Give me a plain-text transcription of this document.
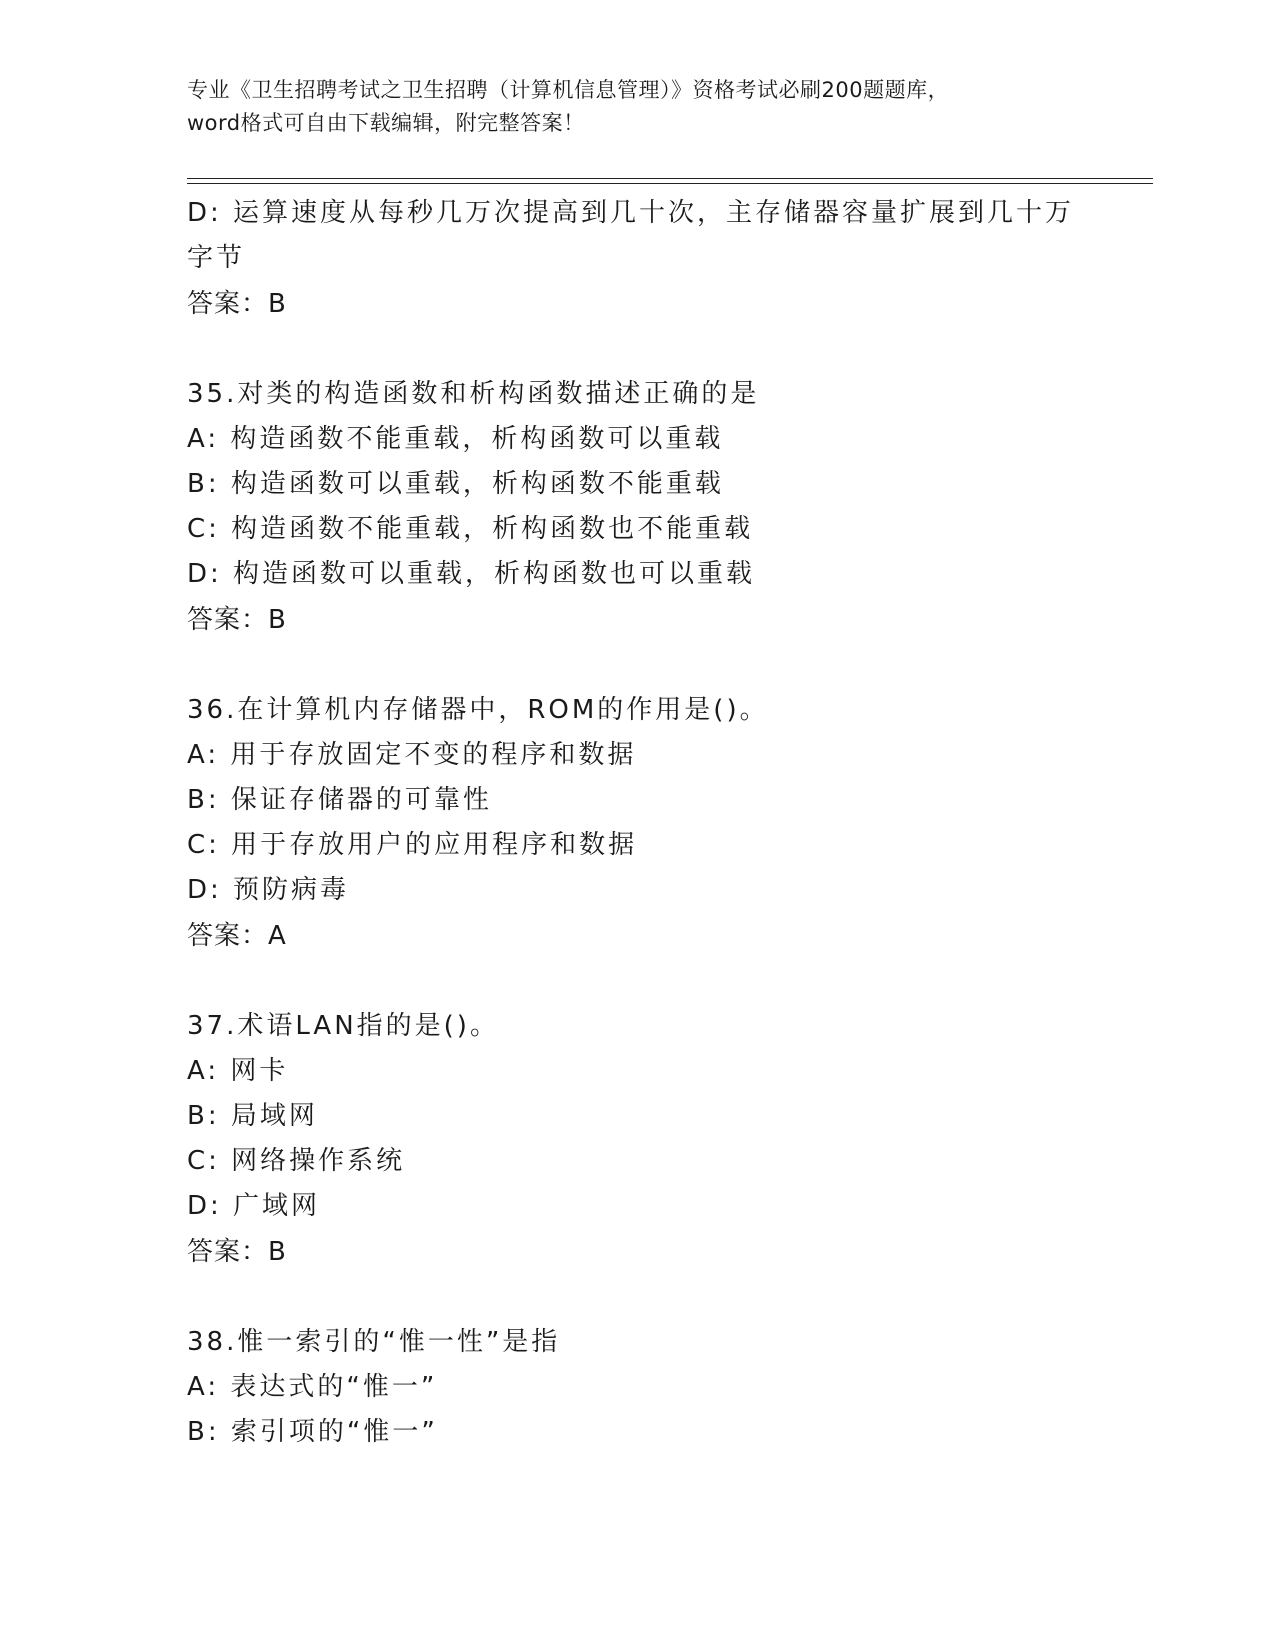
专业《卫生招聘考试之卫生招聘（计算机信息管理）》资格考试必刷200题题库，
word格式可自由下载编辑，附完整答案！
D: 运算速度从每秒几万次提高到几十次，主存储器容量扩展到几十万
字节
答案：B
35.对类的构造函数和析构函数描述正确的是
A: 构造函数不能重载，析构函数可以重载
B: 构造函数可以重载，析构函数不能重载
C: 构造函数不能重载，析构函数也不能重载
D: 构造函数可以重载，析构函数也可以重载
答案：B
36.在计算机内存储器中，ROM的作用是()。
A: 用于存放固定不变的程序和数据
B: 保证存储器的可靠性
C: 用于存放用户的应用程序和数据
D: 预防病毒
答案：A
37.术语LAN指的是()。
A: 网卡
B: 局域网
C: 网络操作系统
D: 广域网
答案：B
38.惟一索引的“惟一性”是指
A: 表达式的“惟一”
B: 索引项的“惟一”
